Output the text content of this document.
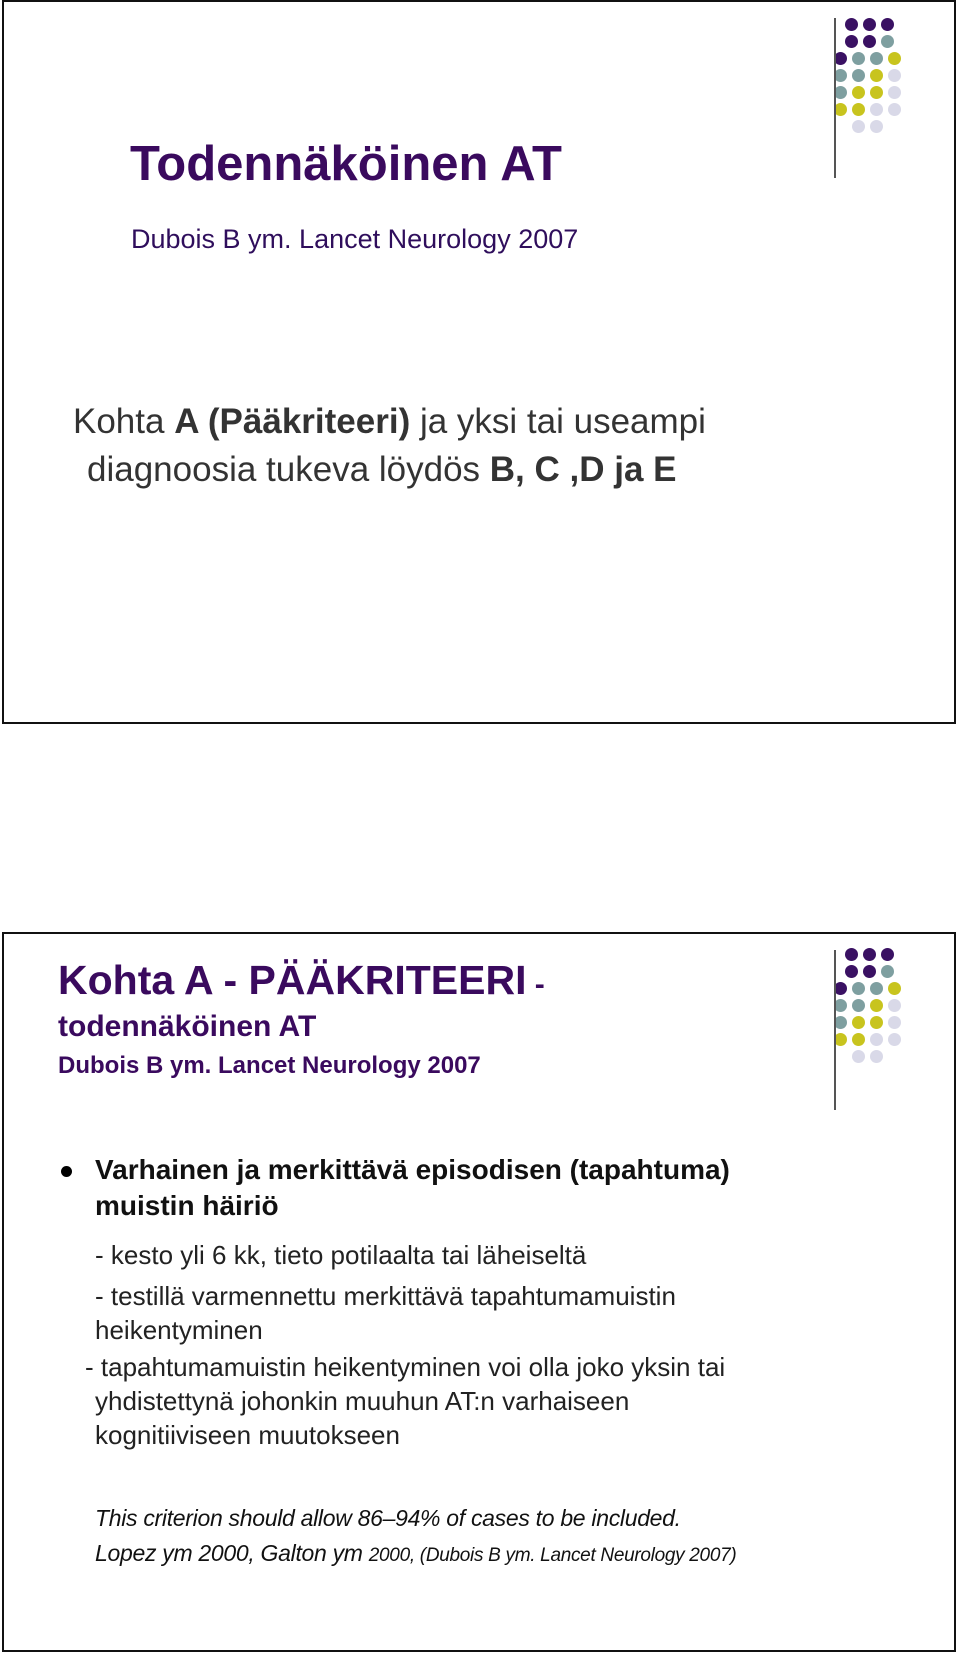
Todennäköinen AT
Dubois B ym. Lancet Neurology 2007
Kohta A (Pääkriteeri) ja yksi tai useampi
diagnoosia tukeva löydös B, C ,D ja E
Kohta A - PÄÄKRITEERI -
todennäköinen AT
Dubois B ym. Lancet Neurology 2007
Varhainen ja merkittävä episodisen (tapahtuma)
muistin häiriö
- kesto yli 6 kk, tieto potilaalta tai läheiseltä
- testillä varmennettu merkittävä tapahtumamuistin
heikentyminen
- tapahtumamuistin heikentyminen voi olla joko yksin tai
yhdistettynä johonkin muuhun AT:n varhaiseen
kognitiiviseen muutokseen
This criterion should allow 86–94% of cases to be included.
Lopez ym 2000, Galton ym 2000, (Dubois B ym. Lancet Neurology 2007)
